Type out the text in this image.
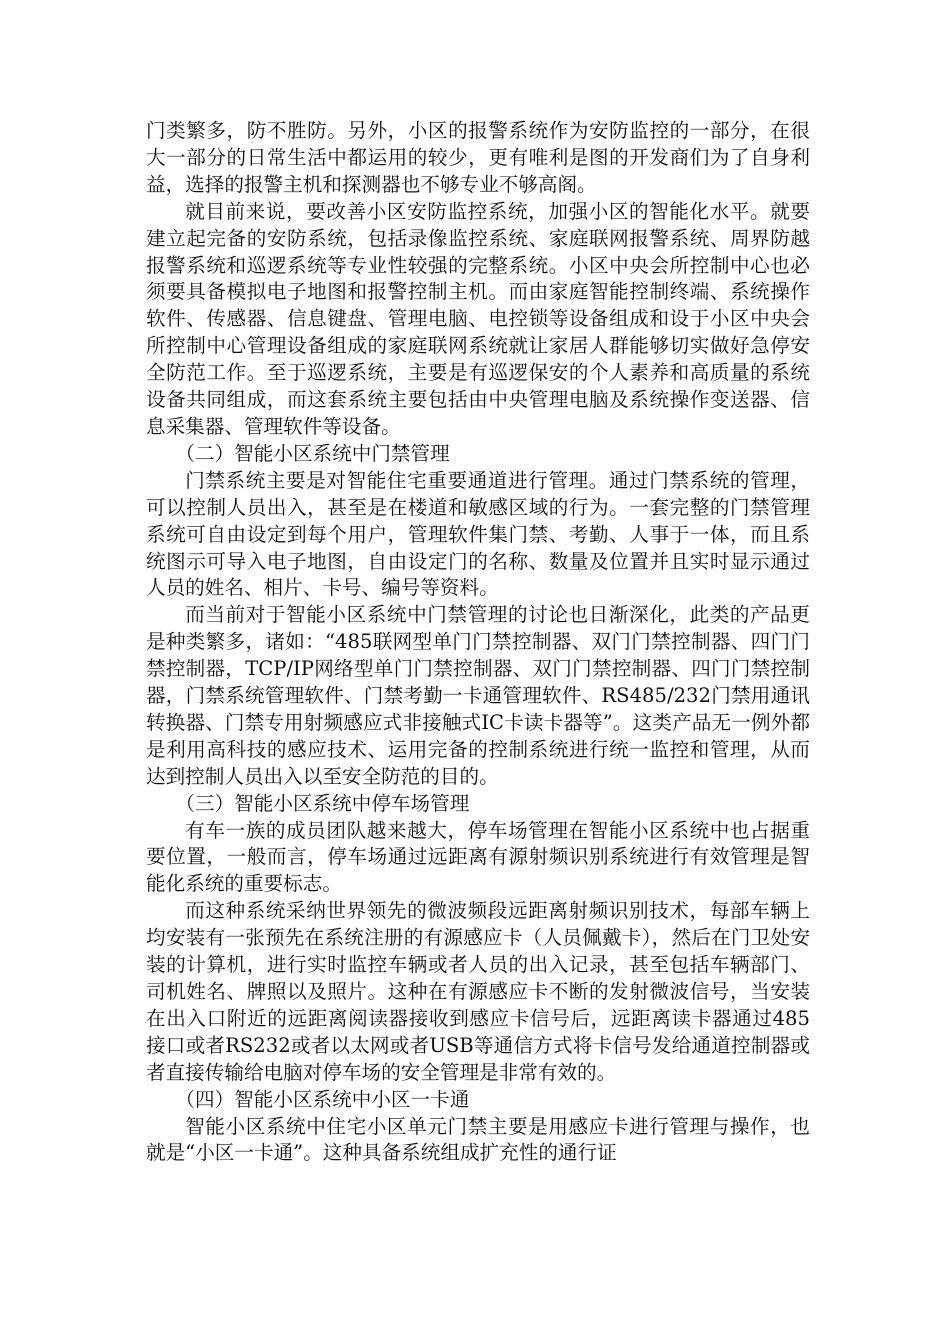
门类繁多，防不胜防。另外，小区的报警系统作为安防监控的一部分，在很大一部分的日常生活中都运用的较少，更有唯利是图的开发商们为了自身利益，选择的报警主机和探测器也不够专业不够高阁。

就目前来说，要改善小区安防监控系统，加强小区的智能化水平。就要建立起完备的安防系统，包括录像监控系统、家庭联网报警系统、周界防越报警系统和巡逻系统等专业性较强的完整系统。小区中央会所控制中心也必须要具备模拟电子地图和报警控制主机。而由家庭智能控制终端、系统操作软件、传感器、信息键盘、管理电脑、电控锁等设备组成和设于小区中央会所控制中心管理设备组成的家庭联网系统就让家居人群能够切实做好急停安全防范工作。至于巡逻系统，主要是有巡逻保安的个人素养和高质量的系统设备共同组成，而这套系统主要包括由中央管理电脑及系统操作变送器、信息采集器、管理软件等设备。

（二）智能小区系统中门禁管理

门禁系统主要是对智能住宅重要通道进行管理。通过门禁系统的管理，可以控制人员出入，甚至是在楼道和敏感区域的行为。一套完整的门禁管理系统可自由设定到每个用户，管理软件集门禁、考勤、人事于一体，而且系统图示可导入电子地图，自由设定门的名称、数量及位置并且实时显示通过人员的姓名、相片、卡号、编号等资料。

而当前对于智能小区系统中门禁管理的讨论也日渐深化，此类的产品更是种类繁多，诸如：“485联网型单门门禁控制器、双门门禁控制器、四门门禁控制器，TCP/IP网络型单门门禁控制器、双门门禁控制器、四门门禁控制器，门禁系统管理软件、门禁考勤一卡通管理软件、RS485/232门禁用通讯转换器、门禁专用射频感应式非接触式IC卡读卡器等”。这类产品无一例外都是利用高科技的感应技术、运用完备的控制系统进行统一监控和管理，从而达到控制人员出入以至安全防范的目的。

（三）智能小区系统中停车场管理

有车一族的成员团队越来越大，停车场管理在智能小区系统中也占据重要位置，一般而言，停车场通过远距离有源射频识别系统进行有效管理是智能化系统的重要标志。

而这种系统采纳世界领先的微波频段远距离射频识别技术，每部车辆上均安装有一张预先在系统注册的有源感应卡（人员佩戴卡），然后在门卫处安装的计算机，进行实时监控车辆或者人员的出入记录，甚至包括车辆部门、司机姓名、牌照以及照片。这种在有源感应卡不断的发射微波信号，当安装在出入口附近的远距离阅读器接收到感应卡信号后，远距离读卡器通过485接口或者RS232或者以太网或者USB等通信方式将卡信号发给通道控制器或者直接传输给电脑对停车场的安全管理是非常有效的。

（四）智能小区系统中小区一卡通

智能小区系统中住宅小区单元门禁主要是用感应卡进行管理与操作，也就是“小区一卡通”。这种具备系统组成扩充性的通行证
